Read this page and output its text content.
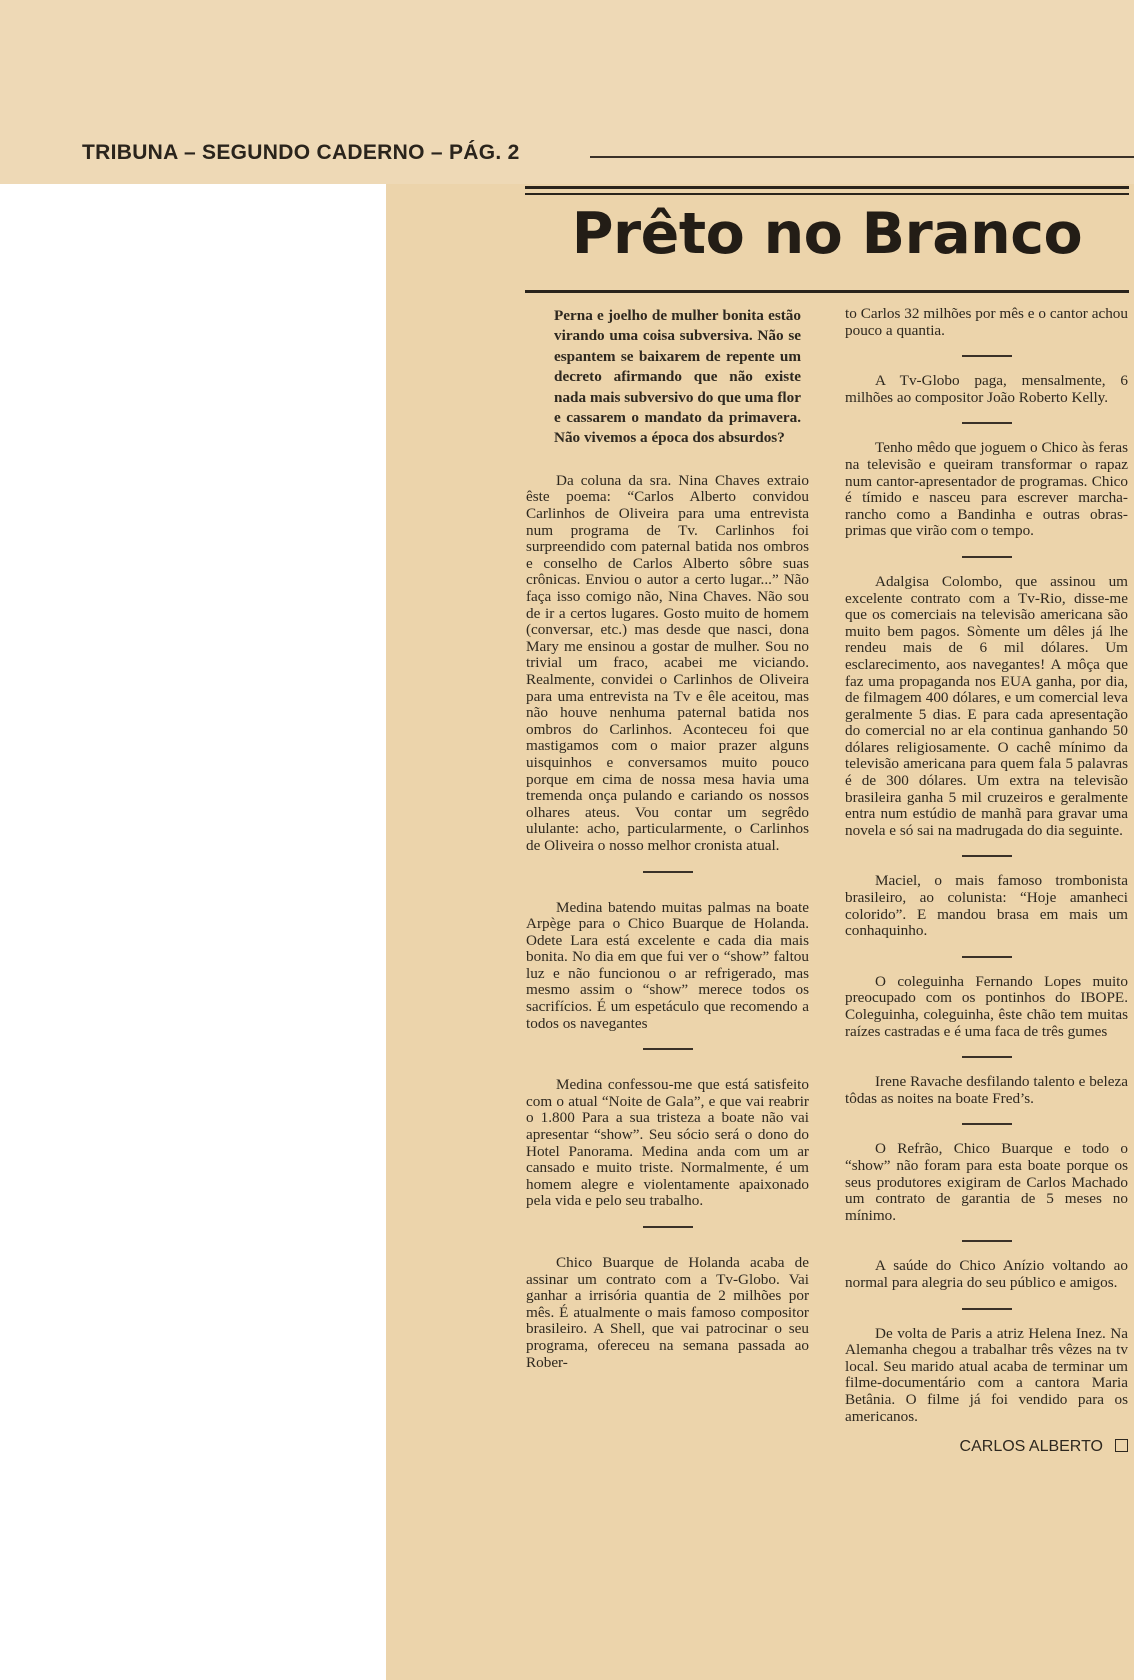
TRIBUNA – SEGUNDO CADERNO – PÁG. 2
Prêto no Branco

Perna e joelho de mulher bonita estão virando uma coisa subversiva. Não se espantem se baixarem de repente um decreto afirmando que não existe nada mais subversivo do que uma flor e cassarem o mandato da primavera. Não vivemos a época dos absurdos?

Da coluna da sra. Nina Chaves extraio êste poema: “Carlos Alberto convidou Carlinhos de Oliveira para uma entrevista num programa de Tv. Carlinhos foi surpreendido com paternal batida nos ombros e conselho de Carlos Alberto sôbre suas crônicas. Enviou o autor a certo lugar...” Não faça isso comigo não, Nina Chaves. Não sou de ir a certos lugares. Gosto muito de homem (conversar, etc.) mas desde que nasci, dona Mary me ensinou a gostar de mulher. Sou no trivial um fraco, acabei me viciando. Realmente, convidei o Carlinhos de Oliveira para uma entrevista na Tv e êle aceitou, mas não houve nenhuma paternal batida nos ombros do Carlinhos. Aconteceu foi que mastigamos com o maior prazer alguns uisquinhos e conversamos muito pouco porque em cima de nossa mesa havia uma tremenda onça pulando e cariando os nossos olhares ateus. Vou contar um segrêdo ululante: acho, particularmente, o Carlinhos de Oliveira o nosso melhor cronista atual.

Medina batendo muitas palmas na boate Arpège para o Chico Buarque de Holanda. Odete Lara está excelente e cada dia mais bonita. No dia em que fui ver o “show” faltou luz e não funcionou o ar refrigerado, mas mesmo assim o “show” merece todos os sacrifícios. É um espetáculo que recomendo a todos os navegantes

Medina confessou-me que está satisfeito com o atual “Noite de Gala”, e que vai reabrir o 1.800 Para a sua tristeza a boate não vai apresentar “show”. Seu sócio será o dono do Hotel Panorama. Medina anda com um ar cansado e muito triste. Normalmente, é um homem alegre e violentamente apaixonado pela vida e pelo seu trabalho.

Chico Buarque de Holanda acaba de assinar um contrato com a Tv-Globo. Vai ganhar a irrisória quantia de 2 milhões por mês. É atualmente o mais famoso compositor brasileiro. A Shell, que vai patrocinar o seu programa, ofereceu na semana passada ao Rober-

to Carlos 32 milhões por mês e o cantor achou pouco a quantia.

A Tv-Globo paga, mensalmente, 6 milhões ao compositor João Roberto Kelly.

Tenho mêdo que joguem o Chico às feras na televisão e queiram transformar o rapaz num cantor-apresentador de programas. Chico é tímido e nasceu para escrever marcha-rancho como a Bandinha e outras obras-primas que virão com o tempo.

Adalgisa Colombo, que assinou um excelente contrato com a Tv-Rio, disse-me que os comerciais na televisão americana são muito bem pagos. Sòmente um dêles já lhe rendeu mais de 6 mil dólares. Um esclarecimento, aos navegantes! A môça que faz uma propaganda nos EUA ganha, por dia, de filmagem 400 dólares, e um comercial leva geralmente 5 dias. E para cada apresentação do comercial no ar ela continua ganhando 50 dólares religiosamente. O cachê mínimo da televisão americana para quem fala 5 palavras é de 300 dólares. Um extra na televisão brasileira ganha 5 mil cruzeiros e geralmente entra num estúdio de manhã para gravar uma novela e só sai na madrugada do dia seguinte.

Maciel, o mais famoso trombonista brasileiro, ao colunista: “Hoje amanheci colorido”. E mandou brasa em mais um conhaquinho.

O coleguinha Fernando Lopes muito preocupado com os pontinhos do IBOPE. Coleguinha, coleguinha, êste chão tem muitas raízes castradas e é uma faca de três gumes

Irene Ravache desfilando talento e beleza tôdas as noites na boate Fred’s.

O Refrão, Chico Buarque e todo o “show” não foram para esta boate porque os seus produtores exigiram de Carlos Machado um contrato de garantia de 5 meses no mínimo.

A saúde do Chico Anízio voltando ao normal para alegria do seu público e amigos.

De volta de Paris a atriz Helena Inez. Na Alemanha chegou a trabalhar três vêzes na tv local. Seu marido atual acaba de terminar um filme-documentário com a cantora Maria Betânia. O filme já foi vendido para os americanos.

CARLOS ALBERTO
